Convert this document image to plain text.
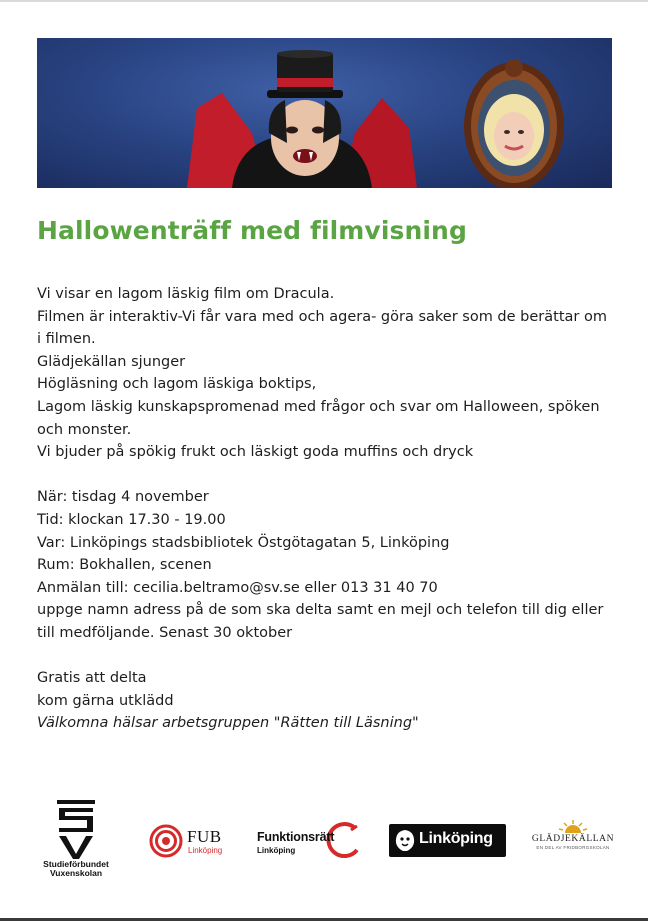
Hallowenträff med filmvisning

Vi visar en lagom läskig film om Dracula.

Filmen är interaktiv-Vi får vara med och agera- göra saker som de berättar om i filmen.

Glädjekällan sjunger

Högläsning och lagom läskiga boktips,

Lagom läskig kunskapspromenad med frågor och svar om Halloween, spöken och monster.

Vi bjuder på spökig frukt och läskigt goda muffins och dryck

När: tisdag 4 november

Tid: klockan 17.30 - 19.00

Var: Linköpings stadsbibliotek Östgötagatan 5, Linköping

Rum: Bokhallen, scenen

Anmälan till: cecilia.beltramo@sv.se eller 013 31 40 70

uppge namn adress på de som ska delta samt en mejl och telefon till dig eller till medföljande. Senast 30 oktober

Gratis att delta

kom gärna utklädd

Välkomna hälsar arbetsgruppen "Rätten till Läsning"

Studieförbundet
Vuxenskolan
FUB
Linköping
Funktionsrätt
Linköping
Linköping	GLÄDJEKÄLLAN
EN DEL AV FRIDBORGSKOLAN
